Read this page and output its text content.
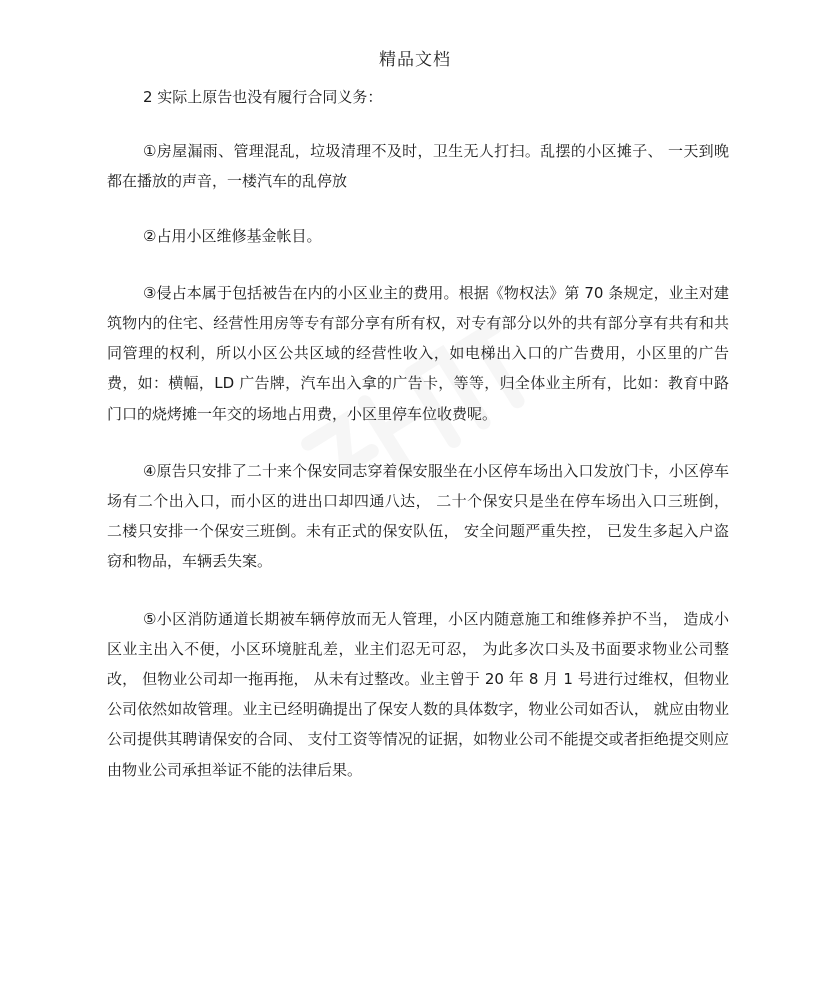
精品文档

2 实际上原告也没有履行合同义务：

①房屋漏雨、管理混乱，垃圾清理不及时，卫生无人打扫。乱摆的小区摊子、 一天到晚都在播放的声音，一楼汽车的乱停放

②占用小区维修基金帐目。

③侵占本属于包括被告在内的小区业主的费用。根据《物权法》第 70 条规定，业主对建筑物内的住宅、经营性用房等专有部分享有所有权，对专有部分以外的共有部分享有共有和共同管理的权利，所以小区公共区域的经营性收入，如电梯出入口的广告费用，小区里的广告费，如：横幅，LD 广告牌，汽车出入拿的广告卡，等等，归全体业主所有，比如：教育中路门口的烧烤摊一年交的场地占用费，小区里停车位收费呢。

④原告只安排了二十来个保安同志穿着保安服坐在小区停车场出入口发放门卡，小区停车场有二个出入口，而小区的进出口却四通八达， 二十个保安只是坐在停车场出入口三班倒， 二楼只安排一个保安三班倒。未有正式的保安队伍， 安全问题严重失控， 已发生多起入户盗窃和物品，车辆丢失案。

⑤小区消防通道长期被车辆停放而无人管理，小区内随意施工和维修养护不当， 造成小区业主出入不便，小区环境脏乱差，业主们忍无可忍， 为此多次口头及书面要求物业公司整改， 但物业公司却一拖再拖， 从未有过整改。业主曾于 20 年 8 月 1 号进行过维权，但物业公司依然如故管理。业主已经明确提出了保安人数的具体数字，物业公司如否认， 就应由物业公司提供其聘请保安的合同、 支付工资等情况的证据，如物业公司不能提交或者拒绝提交则应由物业公司承担举证不能的法律后果。
